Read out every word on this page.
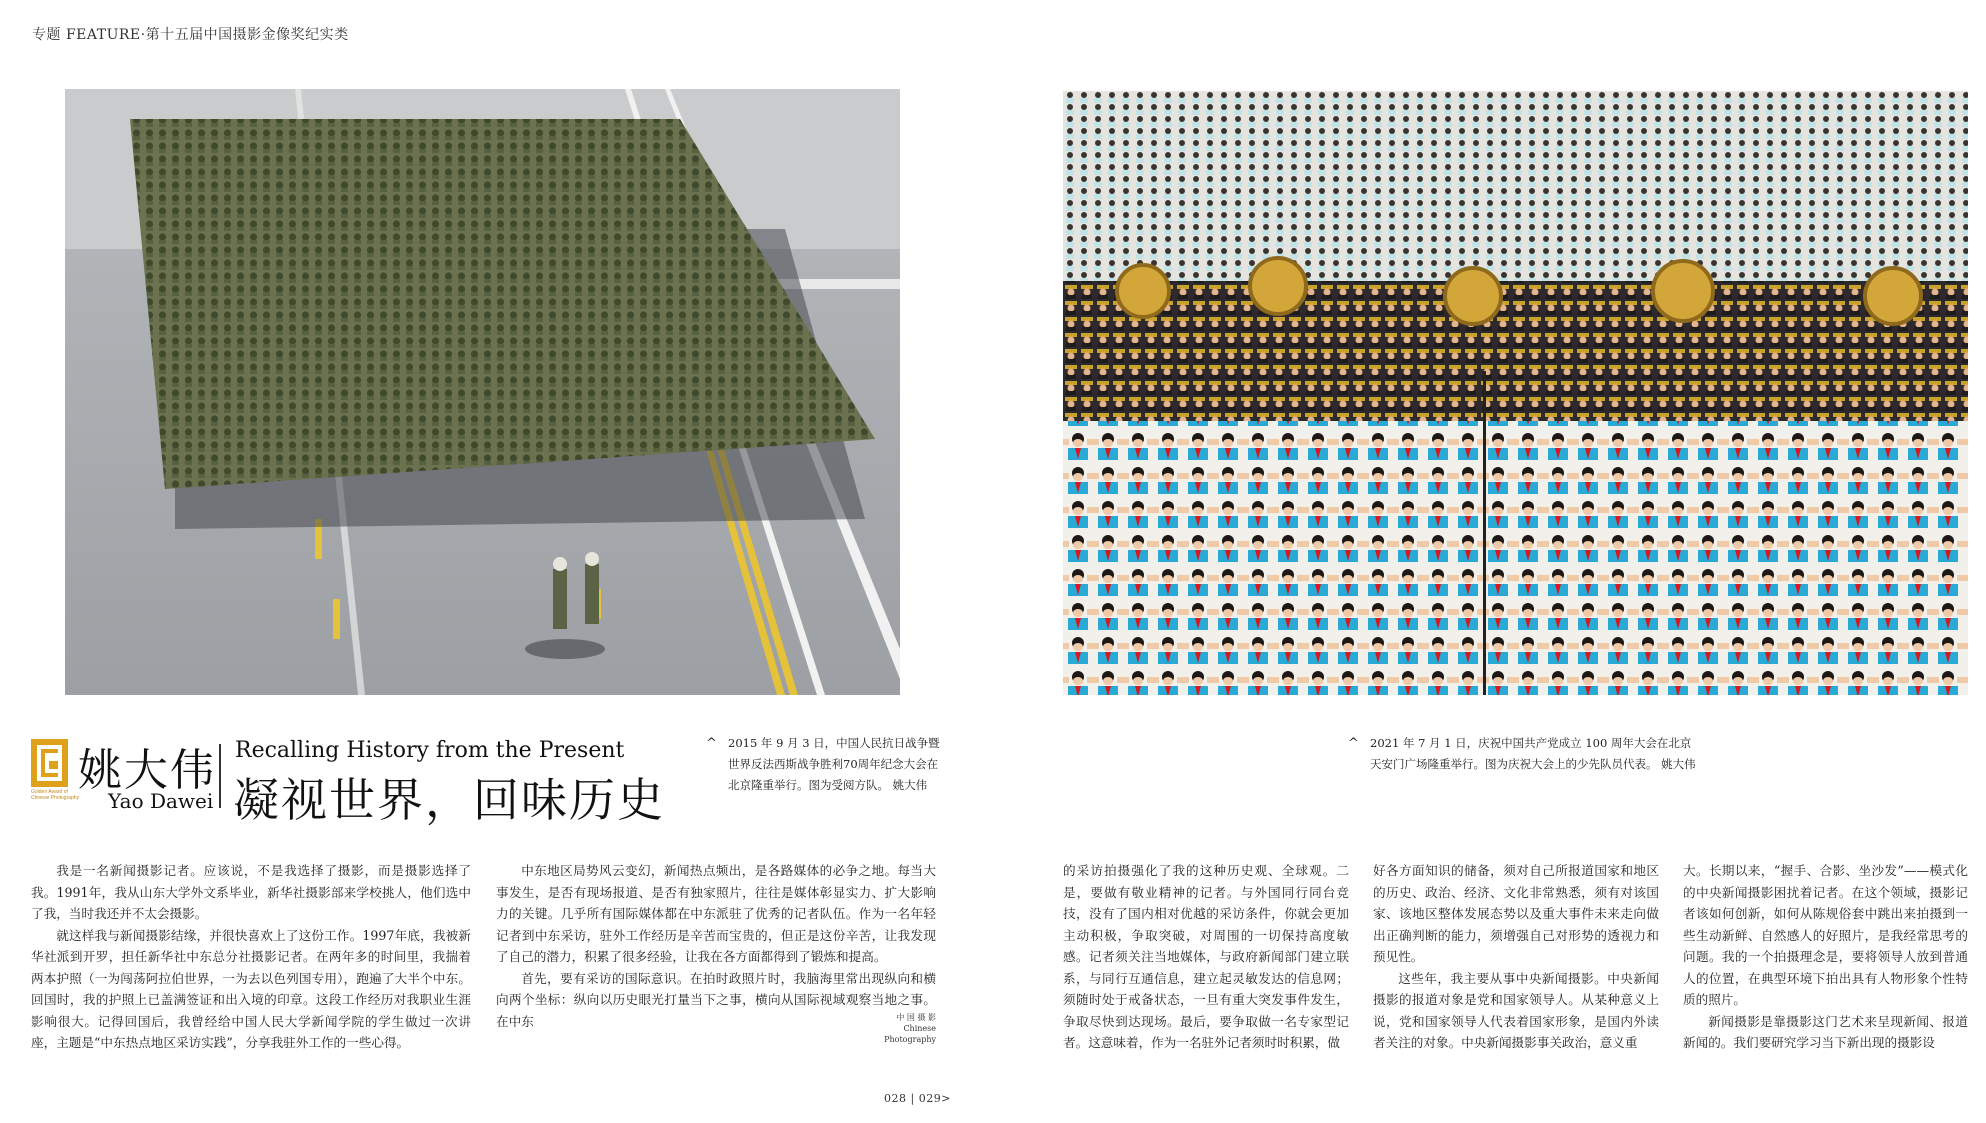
专题 FEATURE·第十五届中国摄影金像奖纪实类
Golden Award of Chinese Photography
姚大伟
Yao Dawei
Recalling History from the Present
凝视世界，回味历史
^ 2015 年 9 月 3 日，中国人民抗日战争暨世界反法西斯战争胜利70周年纪念大会在北京隆重举行。图为受阅方队。 姚大伟
^ 2021 年 7 月 1 日，庆祝中国共产党成立 100 周年大会在北京天安门广场隆重举行。图为庆祝大会上的少先队员代表。 姚大伟

我是一名新闻摄影记者。应该说，不是我选择了摄影，而是摄影选择了我。1991年，我从山东大学外文系毕业，新华社摄影部来学校挑人，他们选中了我，当时我还并不太会摄影。

就这样我与新闻摄影结缘，并很快喜欢上了这份工作。1997年底，我被新华社派到开罗，担任新华社中东总分社摄影记者。在两年多的时间里，我揣着两本护照（一为闯荡阿拉伯世界，一为去以色列国专用），跑遍了大半个中东。回国时，我的护照上已盖满签证和出入境的印章。这段工作经历对我职业生涯影响很大。记得回国后，我曾经给中国人民大学新闻学院的学生做过一次讲座，主题是“中东热点地区采访实践”，分享我驻外工作的一些心得。

中东地区局势风云变幻，新闻热点频出，是各路媒体的必争之地。每当大事发生，是否有现场报道、是否有独家照片，往往是媒体彰显实力、扩大影响力的关键。几乎所有国际媒体都在中东派驻了优秀的记者队伍。作为一名年轻记者到中东采访，驻外工作经历是辛苦而宝贵的，但正是这份辛苦，让我发现了自己的潜力，积累了很多经验，让我在各方面都得到了锻炼和提高。

首先，要有采访的国际意识。在拍时政照片时，我脑海里常出现纵向和横向两个坐标：纵向以历史眼光打量当下之事，横向从国际视域观察当地之事。在中东

的采访拍摄强化了我的这种历史观、全球观。二是，要做有敬业精神的记者。与外国同行同台竞技，没有了国内相对优越的采访条件，你就会更加主动积极，争取突破，对周围的一切保持高度敏感。记者须关注当地媒体，与政府新闻部门建立联系，与同行互通信息，建立起灵敏发达的信息网；须随时处于戒备状态，一旦有重大突发事件发生，争取尽快到达现场。最后，要争取做一名专家型记者。这意味着，作为一名驻外记者须时时积累，做

好各方面知识的储备，须对自己所报道国家和地区的历史、政治、经济、文化非常熟悉，须有对该国家、该地区整体发展态势以及重大事件未来走向做出正确判断的能力，须增强自己对形势的透视力和预见性。

这些年，我主要从事中央新闻摄影。中央新闻摄影的报道对象是党和国家领导人。从某种意义上说，党和国家领导人代表着国家形象，是国内外读者关注的对象。中央新闻摄影事关政治，意义重

大。长期以来，“握手、合影、坐沙发”——模式化的中央新闻摄影困扰着记者。在这个领域，摄影记者该如何创新，如何从陈规俗套中跳出来拍摄到一些生动新鲜、自然感人的好照片，是我经常思考的问题。我的一个拍摄理念是，要将领导人放到普通人的位置，在典型环境下拍出具有人物形象个性特质的照片。

新闻摄影是靠摄影这门艺术来呈现新闻、报道新闻的。我们要研究学习当下新出现的摄影设

中 国 摄 影
Chinese
Photography
028 | 029>
